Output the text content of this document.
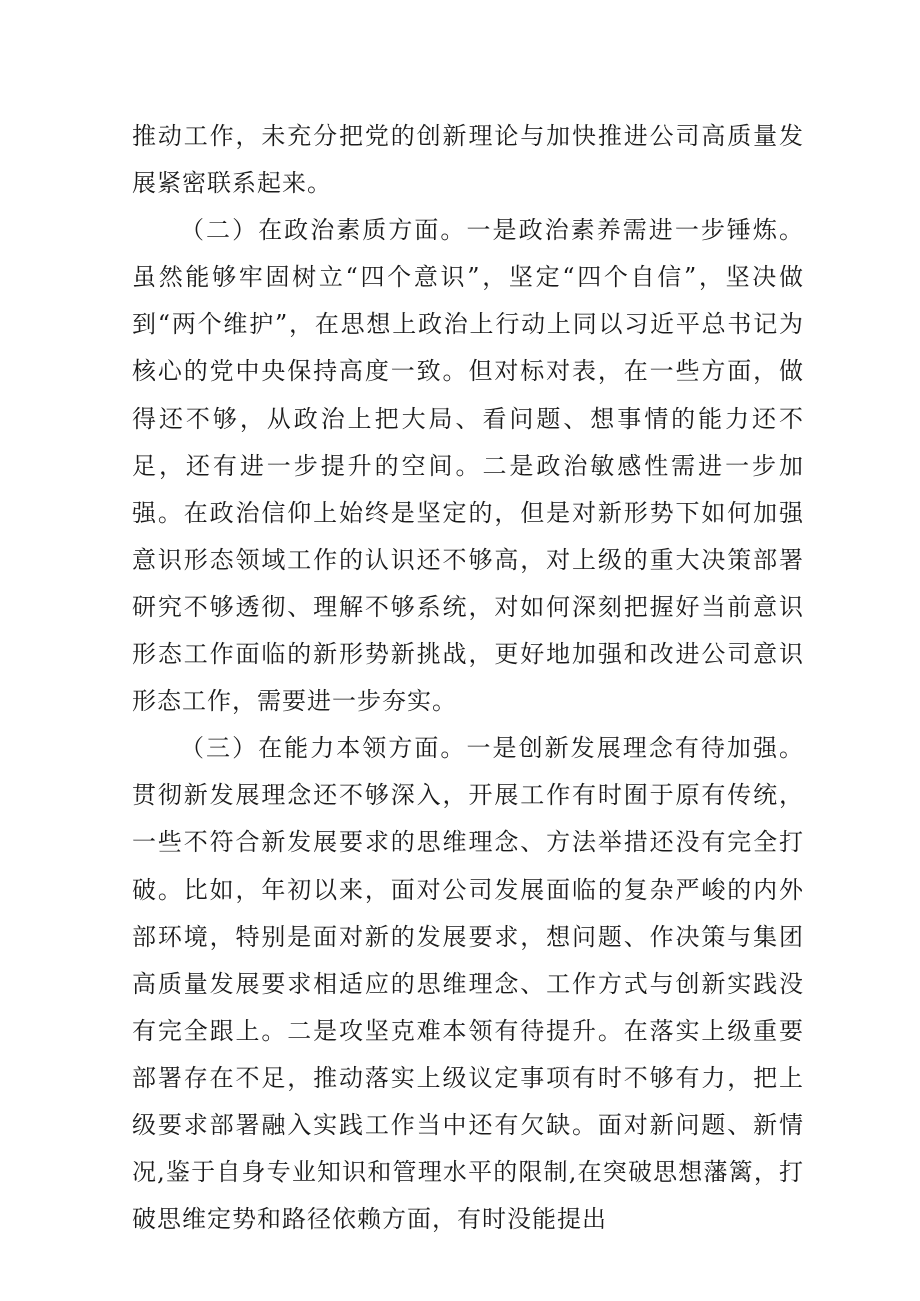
推动工作，未充分把党的创新理论与加快推进公司高质量发展紧密联系起来。

（二）在政治素质方面。一是政治素养需进一步锤炼。虽然能够牢固树立“四个意识”，坚定“四个自信”，坚决做到“两个维护”，在思想上政治上行动上同以习近平总书记为核心的党中央保持高度一致。但对标对表，在一些方面，做得还不够，从政治上把大局、看问题、想事情的能力还不足，还有进一步提升的空间。二是政治敏感性需进一步加强。在政治信仰上始终是坚定的，但是对新形势下如何加强意识形态领域工作的认识还不够高，对上级的重大决策部署研究不够透彻、理解不够系统，对如何深刻把握好当前意识形态工作面临的新形势新挑战，更好地加强和改进公司意识形态工作，需要进一步夯实。

（三）在能力本领方面。一是创新发展理念有待加强。贯彻新发展理念还不够深入，开展工作有时囿于原有传统，一些不符合新发展要求的思维理念、方法举措还没有完全打破。比如，年初以来，面对公司发展面临的复杂严峻的内外部环境，特别是面对新的发展要求，想问题、作决策与集团高质量发展要求相适应的思维理念、工作方式与创新实践没有完全跟上。二是攻坚克难本领有待提升。在落实上级重要部署存在不足，推动落实上级议定事项有时不够有力，把上级要求部署融入实践工作当中还有欠缺。面对新问题、新情况,鉴于自身专业知识和管理水平的限制,在突破思想藩篱，打破思维定势和路径依赖方面，有时没能提出
